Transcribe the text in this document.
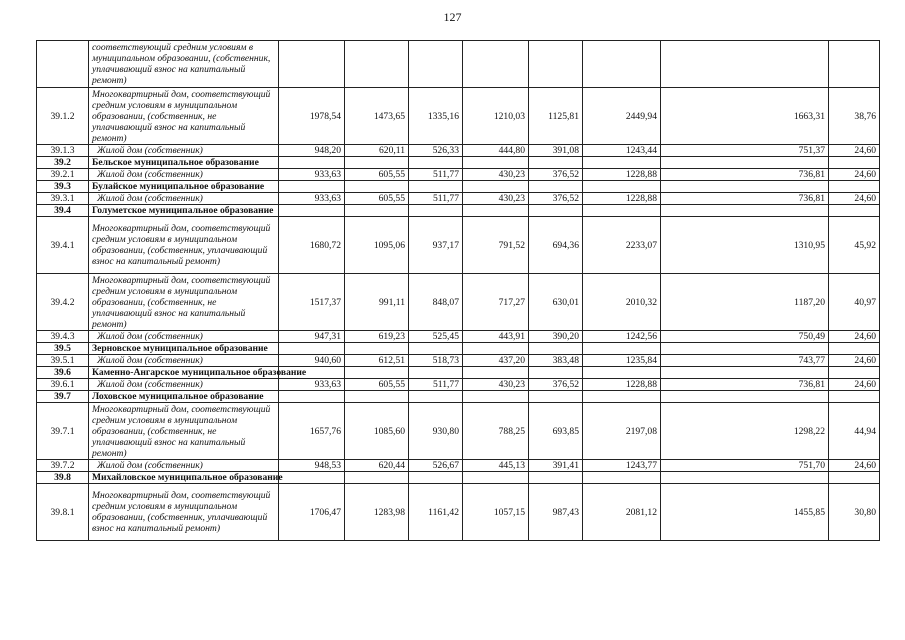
127
	соответствующий средним условиям в муниципальном образовании, (собственник, уплачивающий взнос на капитальный ремонт)								
39.1.2	Многоквартирный дом, соответствующий средним условиям в муниципальном образовании, (собственник, не уплачивающий взнос на капитальный ремонт)	1978,54	1473,65	1335,16	1210,03	1125,81	2449,94	1663,31	38,76
39.1.3	Жилой дом (собственник)	948,20	620,11	526,33	444,80	391,08	1243,44	751,37	24,60
39.2	Бельское муниципальное образование								
39.2.1	Жилой дом (собственник)	933,63	605,55	511,77	430,23	376,52	1228,88	736,81	24,60
39.3	Булайское муниципальное образование								
39.3.1	Жилой дом (собственник)	933,63	605,55	511,77	430,23	376,52	1228,88	736,81	24,60
39.4	Голуметское муниципальное образование								
39.4.1	Многоквартирный дом, соответствующий средним условиям в муниципальном образовании, (собственник, уплачивающий взнос на капитальный ремонт)	1680,72	1095,06	937,17	791,52	694,36	2233,07	1310,95	45,92
39.4.2	Многоквартирный дом, соответствующий средним условиям в муниципальном образовании, (собственник, не уплачивающий взнос на капитальный ремонт)	1517,37	991,11	848,07	717,27	630,01	2010,32	1187,20	40,97
39.4.3	Жилой дом (собственник)	947,31	619,23	525,45	443,91	390,20	1242,56	750,49	24,60
39.5	Зерновское муниципальное образование								
39.5.1	Жилой дом (собственник)	940,60	612,51	518,73	437,20	383,48	1235,84	743,77	24,60
39.6	Каменно-Ангарское муниципальное образование								
39.6.1	Жилой дом (собственник)	933,63	605,55	511,77	430,23	376,52	1228,88	736,81	24,60
39.7	Лоховское муниципальное образование								
39.7.1	Многоквартирный дом, соответствующий средним условиям в муниципальном образовании, (собственник, не уплачивающий взнос на капитальный ремонт)	1657,76	1085,60	930,80	788,25	693,85	2197,08	1298,22	44,94
39.7.2	Жилой дом (собственник)	948,53	620,44	526,67	445,13	391,41	1243,77	751,70	24,60
39.8	Михайловское муниципальное образование								
39.8.1	Многоквартирный дом, соответствующий средним условиям в муниципальном образовании, (собственник, уплачивающий взнос на капитальный ремонт)	1706,47	1283,98	1161,42	1057,15	987,43	2081,12	1455,85	30,80
